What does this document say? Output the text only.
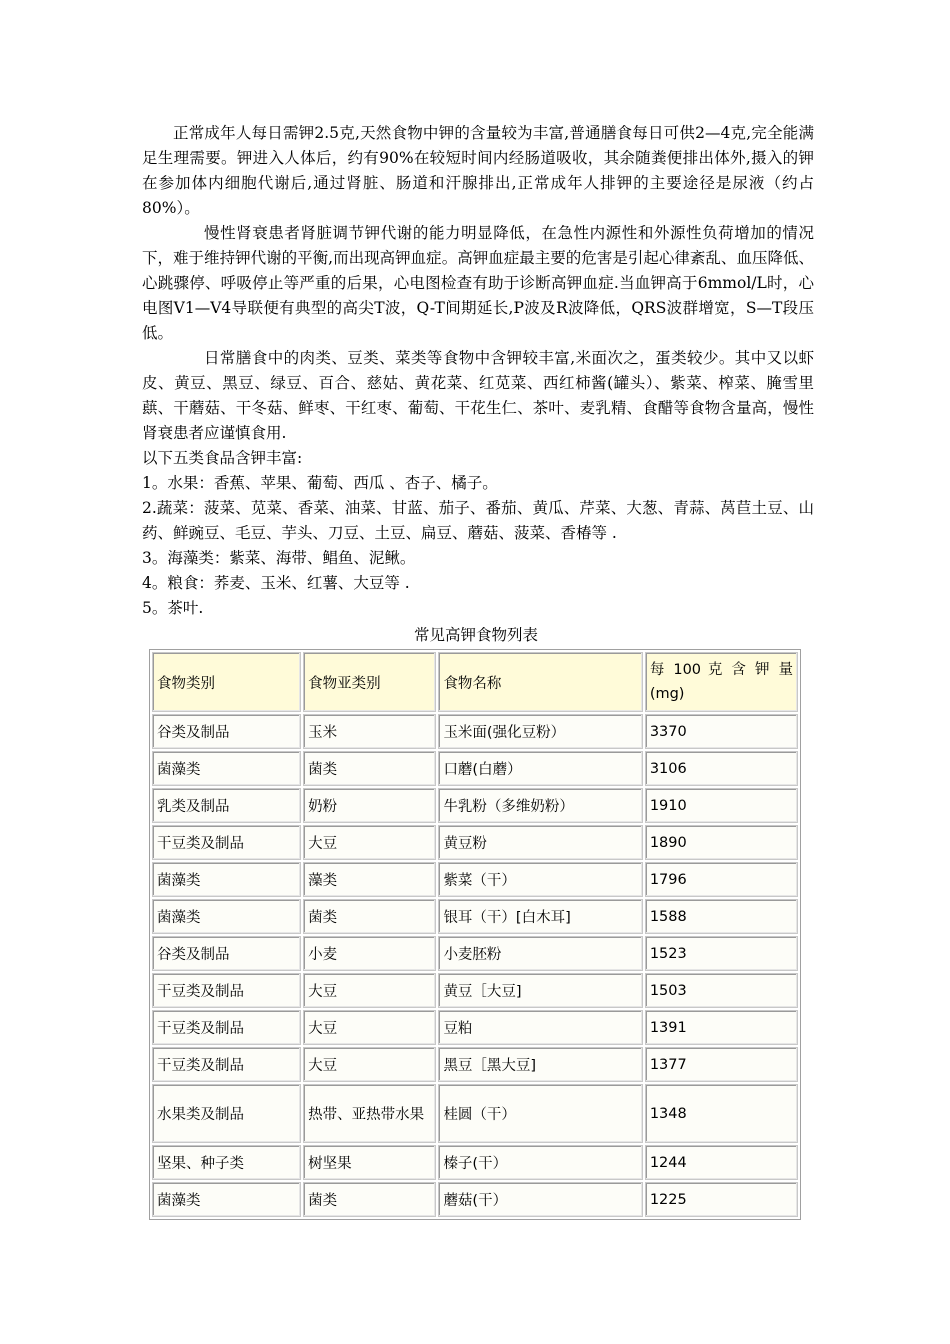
正常成年人每日需钾2.5克,天然食物中钾的含量较为丰富,普通膳食每日可供2—4克,完全能满足生理需要。钾进入人体后，约有90%在较短时间内经肠道吸收，其余随粪便排出体外,摄入的钾在参加体内细胞代谢后,通过肾脏、肠道和汗腺排出,正常成年人排钾的主要途径是尿液（约占80%）。

慢性肾衰患者肾脏调节钾代谢的能力明显降低，在急性内源性和外源性负荷增加的情况下，难于维持钾代谢的平衡,而出现高钾血症。高钾血症最主要的危害是引起心律紊乱、血压降低、心跳骤停、呼吸停止等严重的后果，心电图检查有助于诊断高钾血症.当血钾高于6mmol/L时，心电图V1—V4导联便有典型的高尖T波，Q-T间期延长,P波及R波降低，QRS波群增宽，S—T段压低。

日常膳食中的肉类、豆类、菜类等食物中含钾较丰富,米面次之，蛋类较少。其中又以虾皮、黄豆、黑豆、绿豆、百合、慈姑、黄花菜、红苋菜、西红柿酱(罐头）、紫菜、榨菜、腌雪里蕻、干蘑菇、干冬菇、鲜枣、干红枣、葡萄、干花生仁、茶叶、麦乳精、食醋等食物含量高，慢性肾衰患者应谨慎食用.

以下五类食品含钾丰富:

1。水果：香蕉、苹果、葡萄、西瓜 、杏子、橘子。

2.蔬菜：菠菜、苋菜、香菜、油菜、甘蓝、茄子、番茄、黄瓜、芹菜、大葱、青蒜、莴苣土豆、山药、鲜豌豆、毛豆、芋头、刀豆、土豆、扁豆、蘑菇、菠菜、香椿等 .

3。海藻类：紫菜、海带、鲳鱼、泥鳅。

4。粮食：荞麦、玉米、红薯、大豆等 .

5。茶叶.

常见高钾食物列表
食物类别	食物亚类别	食物名称	每 100 克 含 钾 量(mg)
谷类及制品	玉米	玉米面(强化豆粉）	3370
菌藻类	菌类	口蘑(白蘑）	3106
乳类及制品	奶粉	牛乳粉（多维奶粉）	1910
干豆类及制品	大豆	黄豆粉	1890
菌藻类	藻类	紫菜（干）	1796
菌藻类	菌类	银耳（干）[白木耳]	1588
谷类及制品	小麦	小麦胚粉	1523
干豆类及制品	大豆	黄豆［大豆]	1503
干豆类及制品	大豆	豆粕	1391
干豆类及制品	大豆	黑豆［黑大豆]	1377
水果类及制品	热带、亚热带水果	桂圆（干）	1348
坚果、种子类	树坚果	榛子(干）	1244
菌藻类	菌类	蘑菇(干）	1225
